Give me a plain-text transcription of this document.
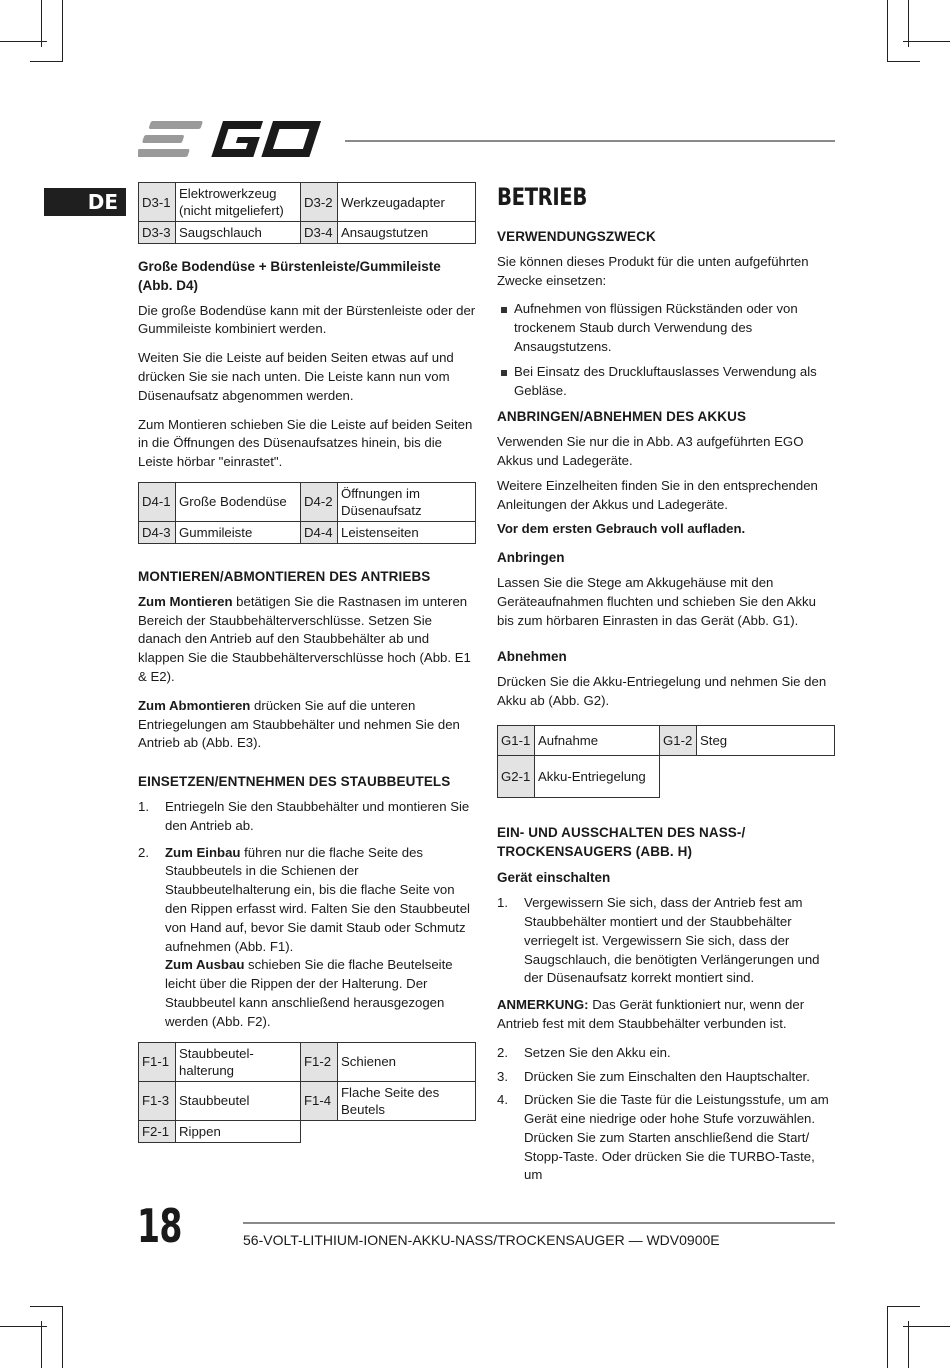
DE	D3-1	Elektrowerkzeug (nicht mitgeliefert)	D3-2	Werkzeugadapter
D3-3	Saugschlauch	D3-4	Ansaugstutzen
Große Bodendüse + Bürstenleiste/Gummileiste (Abb. D4)

Die große Bodendüse kann mit der Bürstenleiste oder der Gummileiste kombiniert werden.

Weiten Sie die Leiste auf beiden Seiten etwas auf und drücken Sie sie nach unten. Die Leiste kann nun vom Düsenaufsatz abgenommen werden.

Zum Montieren schieben Sie die Leiste auf beiden Seiten in die Öffnungen des Düsenaufsatzes hinein, bis die Leiste hörbar "einrastet".

D4-1	Große Bodendüse	D4-2	Öffnungen im Düsenaufsatz
D4-3	Gummileiste	D4-4	Leistenseiten
MONTIEREN/ABMONTIEREN DES ANTRIEBS

Zum Montieren betätigen Sie die Rastnasen im unteren Bereich der Staubbehälterverschlüsse. Setzen Sie danach den Antrieb auf den Staubbehälter ab und klappen Sie die Staubbehälterverschlüsse hoch (Abb. E1 & E2).

Zum Abmontieren drücken Sie auf die unteren Entriegelungen am Staubbehälter und nehmen Sie den Antrieb ab (Abb. E3).

EINSETZEN/ENTNEHMEN DES STAUBBEUTELS
1. Entriegeln Sie den Staubbehälter und montieren Sie den Antrieb ab.
2. Zum Einbau führen nur die flache Seite des Staubbeutels in die Schienen der Staubbeutelhalterung ein, bis die flache Seite von den Rippen erfasst wird. Falten Sie den Staubbeutel von Hand auf, bevor Sie damit Staub oder Schmutz aufnehmen (Abb. F1).
Zum Ausbau schieben Sie die flache Beutelseite leicht über die Rippen der der Halterung. Der Staubbeutel kann anschließend herausgezogen werden (Abb. F2).
F1-1	Staubbeutel-halterung	F1-2	Schienen
F1-3	Staubbeutel	F1-4	Flache Seite des Beutels
F2-1	Rippen		
BETRIEB
VERWENDUNGSZWECK

Sie können dieses Produkt für die unten aufgeführten Zwecke einsetzen:

Aufnehmen von flüssigen Rückständen oder von trockenem Staub durch Verwendung des Ansaugstutzens.
Bei Einsatz des Druckluftauslasses Verwendung als Gebläse.
ANBRINGEN/ABNEHMEN DES AKKUS

Verwenden Sie nur die in Abb. A3 aufgeführten EGO Akkus und Ladegeräte.

Weitere Einzelheiten finden Sie in den entsprechenden Anleitungen der Akkus und Ladegeräte.

Vor dem ersten Gebrauch voll aufladen.

Anbringen

Lassen Sie die Stege am Akkugehäuse mit den Geräteaufnahmen fluchten und schieben Sie den Akku bis zum hörbaren Einrasten in das Gerät (Abb. G1).

Abnehmen

Drücken Sie die Akku-Entriegelung und nehmen Sie den Akku ab (Abb. G2).

G1-1	Aufnahme	G1-2	Steg
G2-1	Akku-Entriegelung		
EIN- UND AUSSCHALTEN DES NASS-/ TROCKENSAUGERS (ABB. H)
Gerät einschalten
1. Vergewissern Sie sich, dass der Antrieb fest am Staubbehälter montiert und der Staubbehälter verriegelt ist. Vergewissern Sie sich, dass der Saugschlauch, die benötigten Verlängerungen und der Düsenaufsatz korrekt montiert sind.

ANMERKUNG: Das Gerät funktioniert nur, wenn der Antrieb fest mit dem Staubbehälter verbunden ist.

2. Setzen Sie den Akku ein.
3. Drücken Sie zum Einschalten den Hauptschalter.
4. Drücken Sie die Taste für die Leistungsstufe, um am Gerät eine niedrige oder hohe Stufe vorzuwählen. Drücken Sie zum Starten anschließend die Start/ Stopp-Taste. Oder drücken Sie die TURBO-Taste, um
18	56-VOLT-LITHIUM-IONEN-AKKU-NASS/TROCKENSAUGER — WDV0900E
